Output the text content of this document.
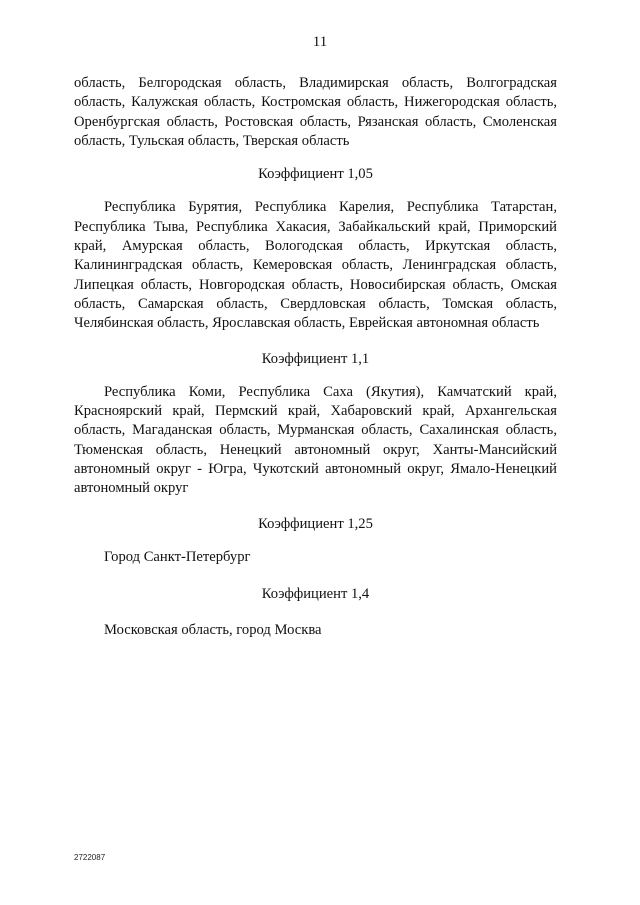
11

область, Белгородская область, Владимирская область, Волгоградская область, Калужская область, Костромская область, Нижегородская область, Оренбургская область, Ростовская область, Рязанская область, Смоленская область, Тульская область, Тверская область

Коэффициент 1,05

Республика Бурятия, Республика Карелия, Республика Татарстан, Республика Тыва, Республика Хакасия, Забайкальский край, Приморский край, Амурская область, Вологодская область, Иркутская область, Калининградская область, Кемеровская область, Ленинградская область, Липецкая область, Новгородская область, Новосибирская область, Омская область, Самарская область, Свердловская область, Томская область, Челябинская область, Ярославская область, Еврейская автономная область

Коэффициент 1,1

Республика Коми, Республика Саха (Якутия), Камчатский край, Красноярский край, Пермский край, Хабаровский край, Архангельская область, Магаданская область, Мурманская область, Сахалинская область, Тюменская область, Ненецкий автономный округ, Ханты-Мансийский автономный округ - Югра, Чукотский автономный округ, Ямало-Ненецкий автономный округ

Коэффициент 1,25

Город Санкт-Петербург

Коэффициент 1,4

Московская область, город Москва

2722087
